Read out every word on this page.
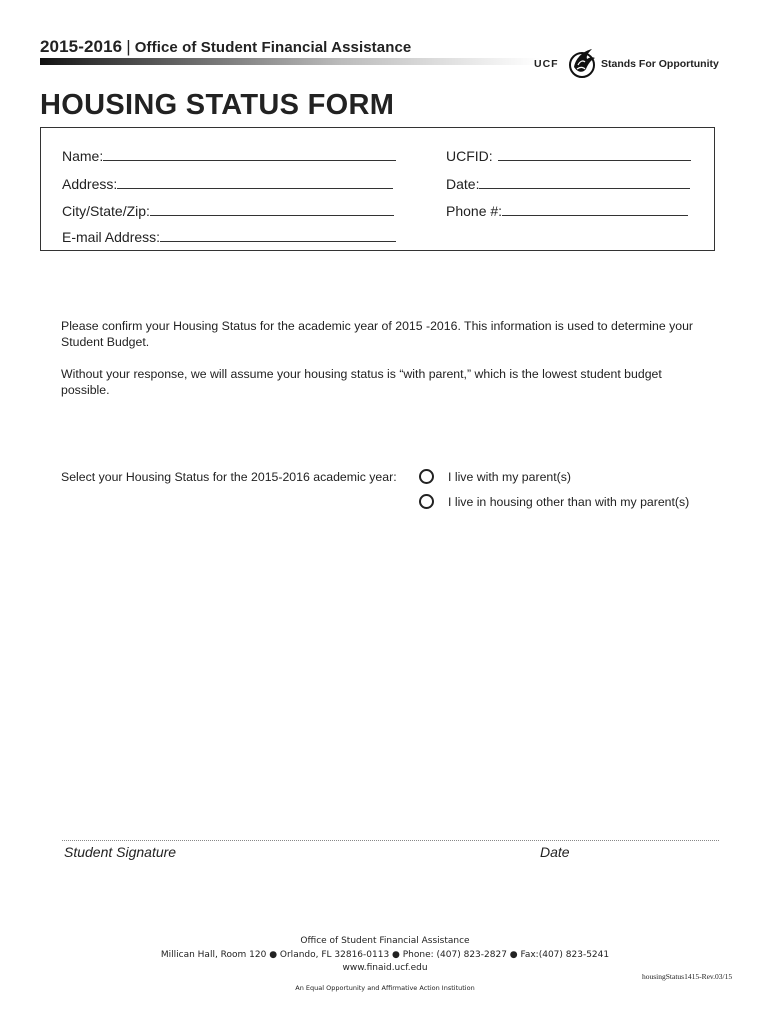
2015-2016 | Office of Student Financial Assistance
UCF	Stands For Opportunity
HOUSING STATUS FORM
Name:	UCFID:
Address:	Date:
City/State/Zip:	Phone #:
E-mail Address:
Please confirm your Housing Status for the academic year of 2015 -2016. This information is used to determine your Student Budget.
Without your response, we will assume your housing status is “with parent,” which is the lowest student budget possible.
Select your Housing Status for the 2015-2016 academic year:	I live with my parent(s)
I live in housing other than with my parent(s)
Student Signature	Date
Office of Student Financial Assistance
Millican Hall, Room 120 ● Orlando, FL 32816-0113 ● Phone: (407) 823-2827 ● Fax:(407) 823-5241
www.finaid.ucf.edu
housingStatus1415-Rev.03/15
An Equal Opportunity and Affirmative Action Institution
